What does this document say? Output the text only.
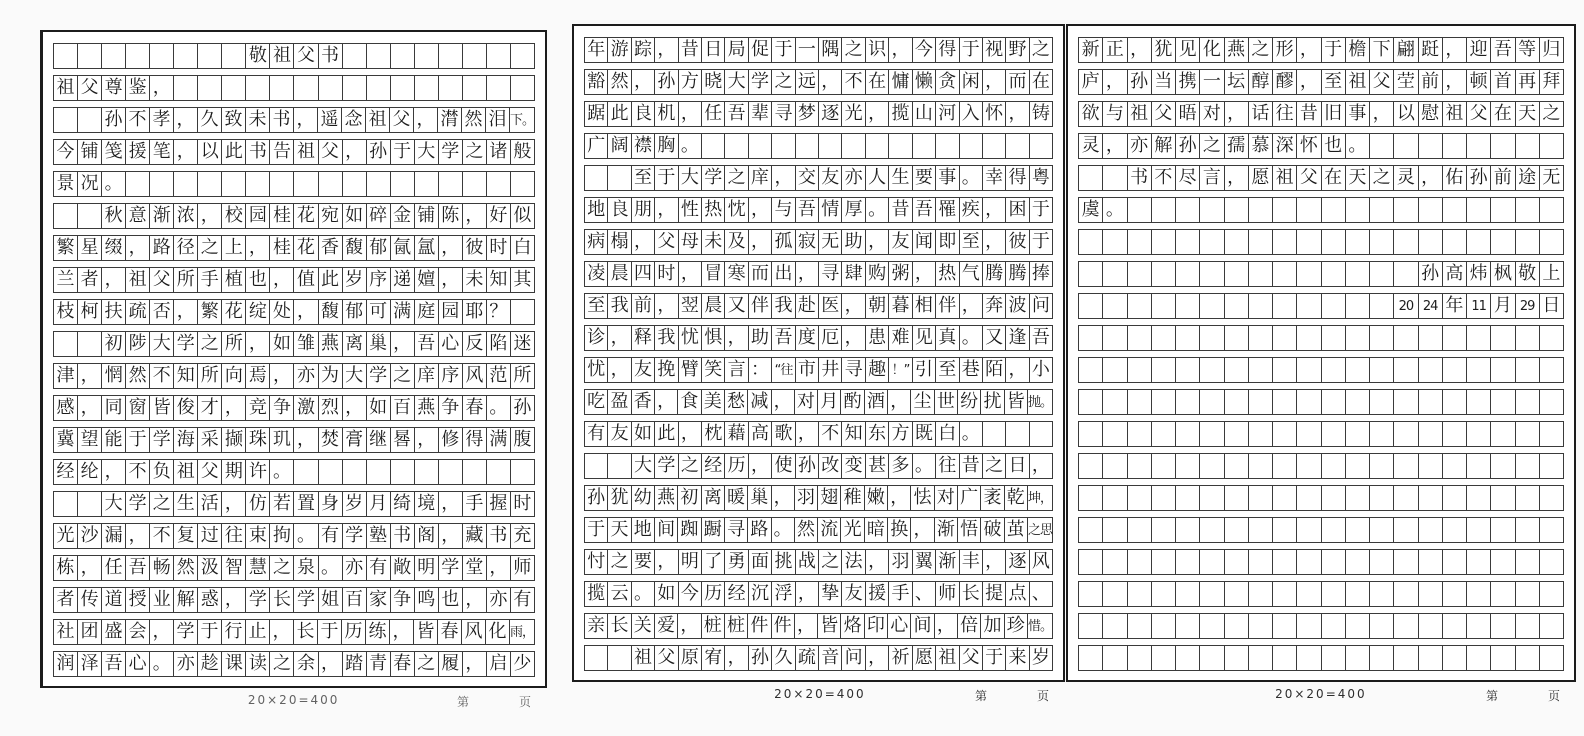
敬 祖 父 书
祖 父 尊 鉴 ，
孙 不 孝 ， 久 致 未 书 ， 遥 念 祖 父 ， 潸 然 泪 下。
今 铺 笺 援 笔 ， 以 此 书 告 祖 父 ， 孙 于 大 学 之 诸 般
景 况 。
秋 意 渐 浓 ， 校 园 桂 花 宛 如 碎 金 铺 陈 ， 好 似
繁 星 缀 ， 路 径 之 上 ， 桂 花 香 馥 郁 氤 氲 ， 彼 时 白
兰 者 ， 祖 父 所 手 植 也 ， 值 此 岁 序 递 嬗 ， 未 知 其
枝 柯 扶 疏 否 ， 繁 花 绽 处 ， 馥 郁 可 满 庭 园 耶 ？
初 陟 大 学 之 所 ， 如 雏 燕 离 巢 ， 吾 心 反 陷 迷
津 ， 惘 然 不 知 所 向 焉 ， 亦 为 大 学 之 庠 序 风 范 所
感 ， 同 窗 皆 俊 才 ， 竞 争 激 烈 ， 如 百 燕 争 春 。 孙
冀 望 能 于 学 海 采 撷 珠 玑 ， 焚 膏 继 晷 ， 修 得 满 腹
经 纶 ， 不 负 祖 父 期 许 。
大 学 之 生 活 ， 仿 若 置 身 岁 月 绮 境 ， 手 握 时
光 沙 漏 ， 不 复 过 往 束 拘 。 有 学 塾 书 阁 ， 藏 书 充
栋 ， 任 吾 畅 然 汲 智 慧 之 泉 。 亦 有 敞 明 学 堂 ， 师
者 传 道 授 业 解 惑 ， 学 长 学 姐 百 家 争 鸣 也 ， 亦 有
社 团 盛 会 ， 学 于 行 止 ， 长 于 历 练 ， 皆 春 风 化 雨，
润 泽 吾 心 。 亦 趁 课 读 之 余 ， 踏 青 春 之 履 ， 启 少
20×20=400	第	页
年 游 踪 ， 昔 日 局 促 于 一 隅 之 识 ， 今 得 于 视 野 之
豁 然 ， 孙 方 晓 大 学 之 远 ， 不 在 慵 懒 贪 闲 ， 而 在
踞 此 良 机 ， 任 吾 辈 寻 梦 逐 光 ， 揽 山 河 入 怀 ， 铸
广 阔 襟 胸 。
至 于 大 学 之 庠 ， 交 友 亦 人 生 要 事 。 幸 得 粤
地 良 朋 ， 性 热 忱 ， 与 吾 情 厚 。 昔 吾 罹 疾 ， 困 于
病 榻 ， 父 母 未 及 ， 孤 寂 无 助 ， 友 闻 即 至 ， 彼 于
凌 晨 四 时 ， 冒 寒 而 出 ， 寻 肆 购 粥 ， 热 气 腾 腾 捧
至 我 前 ， 翌 晨 又 伴 我 赴 医 ， 朝 暮 相 伴 ， 奔 波 问
诊 ， 释 我 忧 惧 ， 助 吾 度 厄 ， 患 难 见 真 。 又 逢 吾
忧 ， 友 挽 臂 笑 言 ： “往 市 井 寻 趣 ！” 引 至 巷 陌 ， 小
吃 盈 香 ， 食 美 愁 减 ， 对 月 酌 酒 ， 尘 世 纷 扰 皆 抛。
有 友 如 此 ， 枕 藉 高 歌 ， 不 知 东 方 既 白 。
大 学 之 经 历 ， 使 孙 改 变 甚 多 。 往 昔 之 日 ，
孙 犹 幼 燕 初 离 暖 巢 ， 羽 翅 稚 嫩 ， 怯 对 广 袤 乾 坤，
于 天 地 间 踟 蹰 寻 路 。 然 流 光 暗 换 ， 渐 悟 破 茧 之思
忖 之 要 ， 明 了 勇 面 挑 战 之 法 ， 羽 翼 渐 丰 ， 逐 风
揽 云 。 如 今 历 经 沉 浮 ， 挚 友 援 手 、 师 长 提 点 、
亲 长 关 爱 ， 桩 桩 件 件 ， 皆 烙 印 心 间 ， 倍 加 珍 惜。
祖 父 原 宥 ， 孙 久 疏 音 问 ， 祈 愿 祖 父 于 来 岁
20×20=400	第	页
新 正 ， 犹 见 化 燕 之 形 ， 于 檐 下 翩 跹 ， 迎 吾 等 归
庐 ， 孙 当 携 一 坛 醇 醪 ， 至 祖 父 茔 前 ， 顿 首 再 拜
欲 与 祖 父 晤 对 ， 话 往 昔 旧 事 ， 以 慰 祖 父 在 天 之
灵 ， 亦 解 孙 之 孺 慕 深 怀 也 。
书 不 尽 言 ， 愿 祖 父 在 天 之 灵 ， 佑 孙 前 途 无
虞 。
孙 高 炜 枫 敬 上
20 24 年 11 月 29 日
20×20=400	第	页
